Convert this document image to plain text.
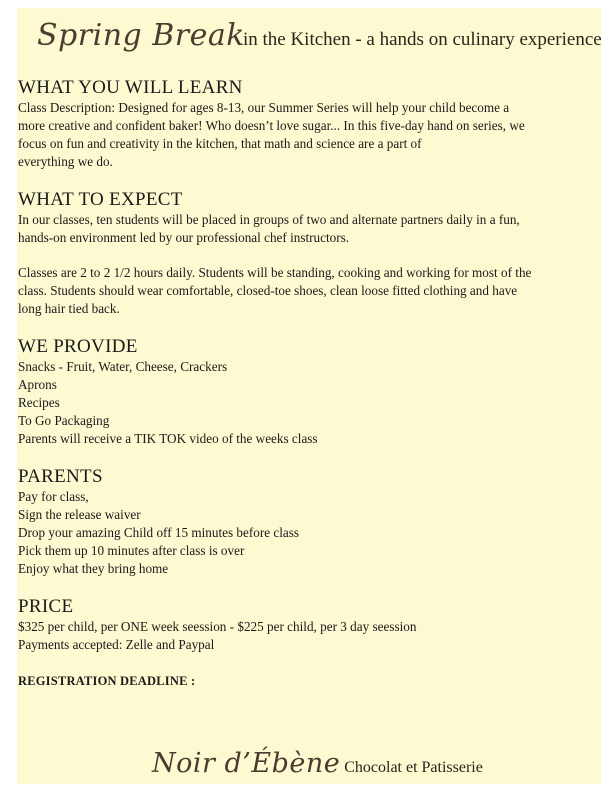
Spring Breakin the Kitchen - a hands on culinary experience
WHAT YOU WILL LEARN
Class Description: Designed for ages 8-13, our Summer Series will help your child become a
more creative and confident baker! Who doesn’t love sugar... In this five-day hand on series, we
focus on fun and creativity in the kitchen, that math and science are a part of
everything we do.
WHAT TO EXPECT
In our classes, ten students will be placed in groups of two and alternate partners daily in a fun,
hands-on environment led by our professional chef instructors.
Classes are 2 to 2 1/2 hours daily. Students will be standing, cooking and working for most of the
class. Students should wear comfortable, closed-toe shoes, clean loose fitted clothing and have
long hair tied back.
WE PROVIDE
Snacks - Fruit, Water, Cheese, Crackers
Aprons
Recipes
To Go Packaging
Parents will receive a TIK TOK video of the weeks class
PARENTS
Pay for class,
Sign the release waiver
Drop your amazing Child off 15 minutes before class
Pick them up 10 minutes after class is over
Enjoy what they bring home
PRICE
$325 per child, per ONE week seession - $225 per child, per 3 day seession
Payments accepted: Zelle and Paypal
REGISTRATION DEADLINE :
Noir d’Ébène Chocolat et Patisserie
